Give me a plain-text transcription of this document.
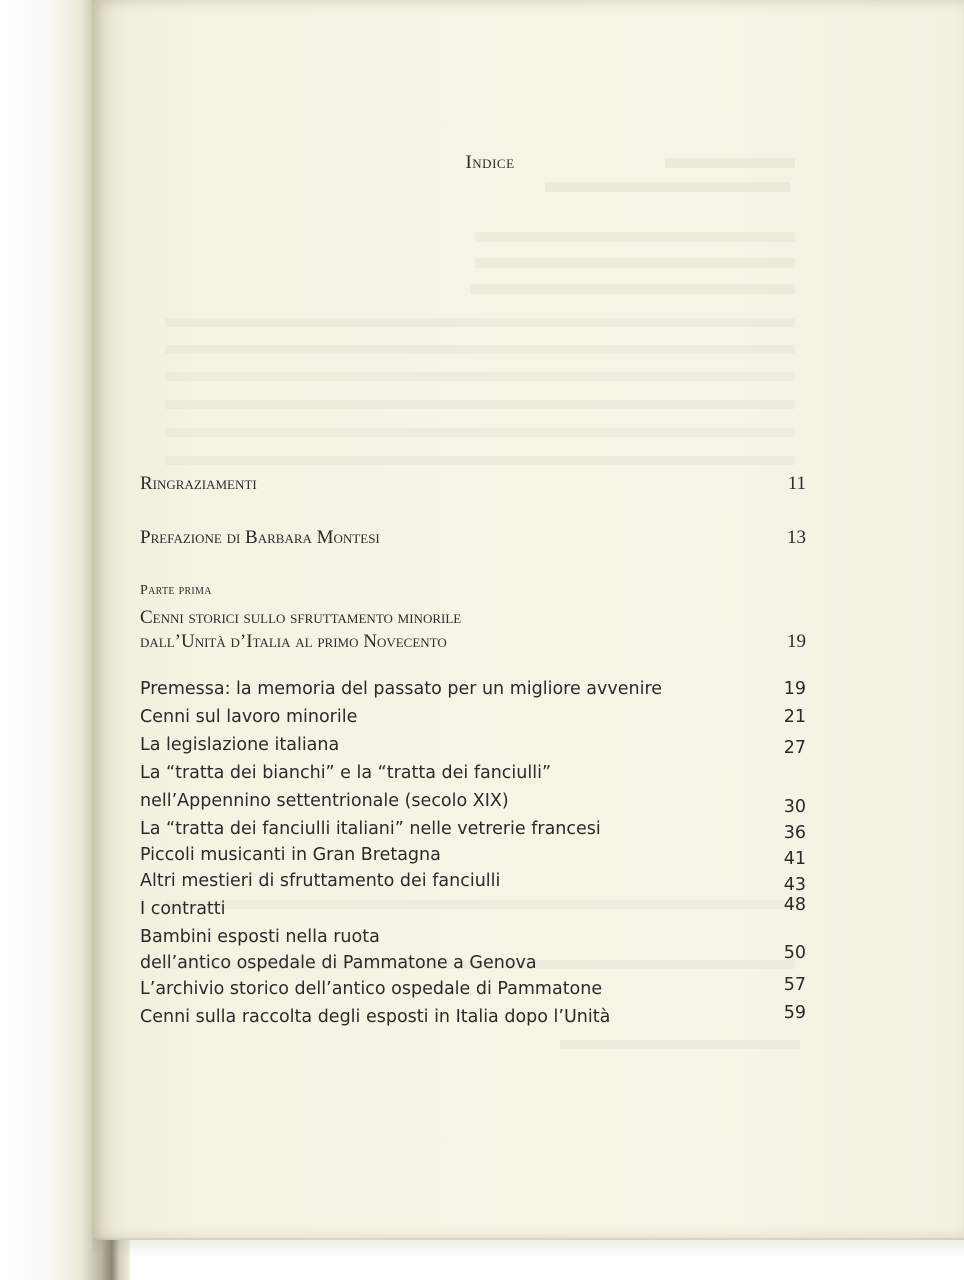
Indice
Ringraziamenti	11
Prefazione di Barbara Montesi	13
Parte prima
Cenni storici sullo sfruttamento minorile
dall’Unità d’Italia al primo Novecento	19
Premessa: la memoria del passato per un migliore avvenire	19
Cenni sul lavoro minorile	21
La legislazione italiana	27
La “tratta dei bianchi” e la “tratta dei fanciulli”
nell’Appennino settentrionale (secolo XIX)	30
La “tratta dei fanciulli italiani” nelle vetrerie francesi	36
Piccoli musicanti in Gran Bretagna	41
Altri mestieri di sfruttamento dei fanciulli	43
I contratti	48
Bambini esposti nella ruota
dell’antico ospedale di Pammatone a Genova	50
L’archivio storico dell’antico ospedale di Pammatone	57
Cenni sulla raccolta degli esposti in Italia dopo l’Unità	59
